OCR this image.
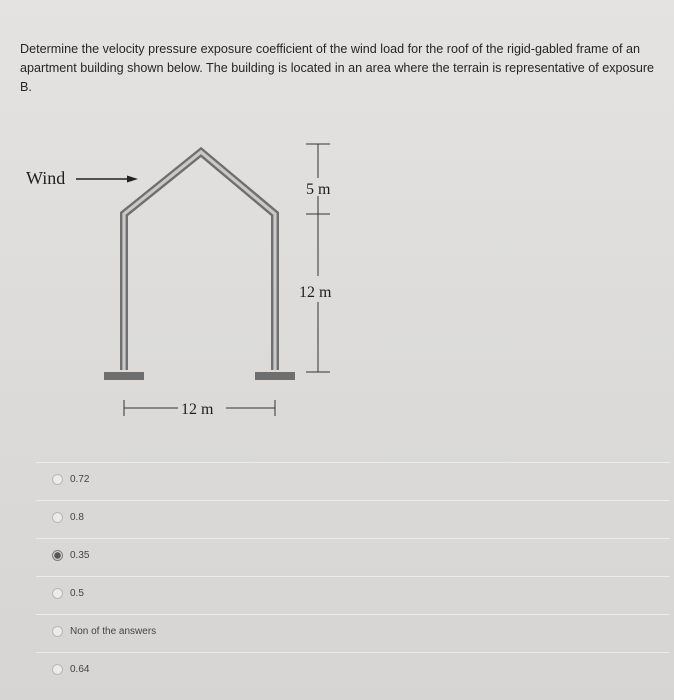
Determine the velocity pressure exposure coefficient of the wind load for the roof of the rigid-gabled frame of an apartment building shown below. The building is located in an area where the terrain is representative of exposure B.

Wind
5 m
12 m
12 m
0.72
0.8
0.35
0.5
Non of the answers
0.64
